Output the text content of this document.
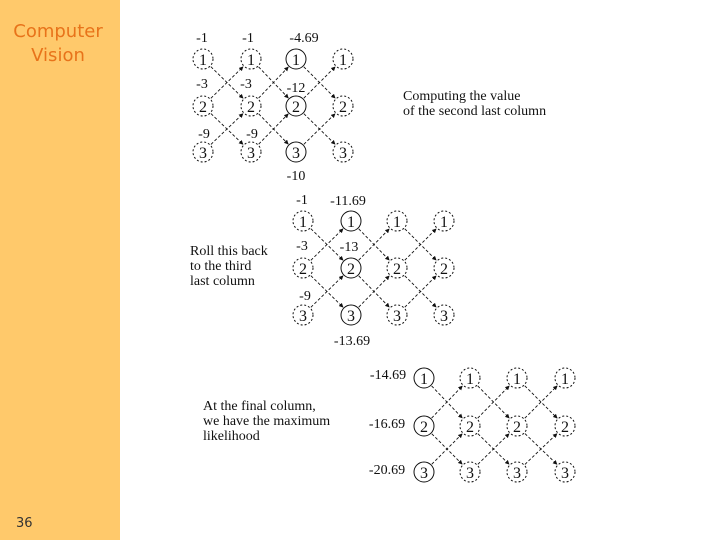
Computer
Vision
36
1
2
3
1
2
3
1
2
3
1
2
3
-1 -1	-4.69
-3 -3 -12
-9	-9
-10
Computing the value
of the second last column
1
2
3
1
2
3
1
2
3
1
2
3
-1 -11.69
-3 -13
-9
-13.69
Roll this back
to the third
last column
1
2
3
1
2
3
1
2
3
1
2
3
-14.69
-16.69
-20.69
At the final column,
we have the maximum
likelihood
